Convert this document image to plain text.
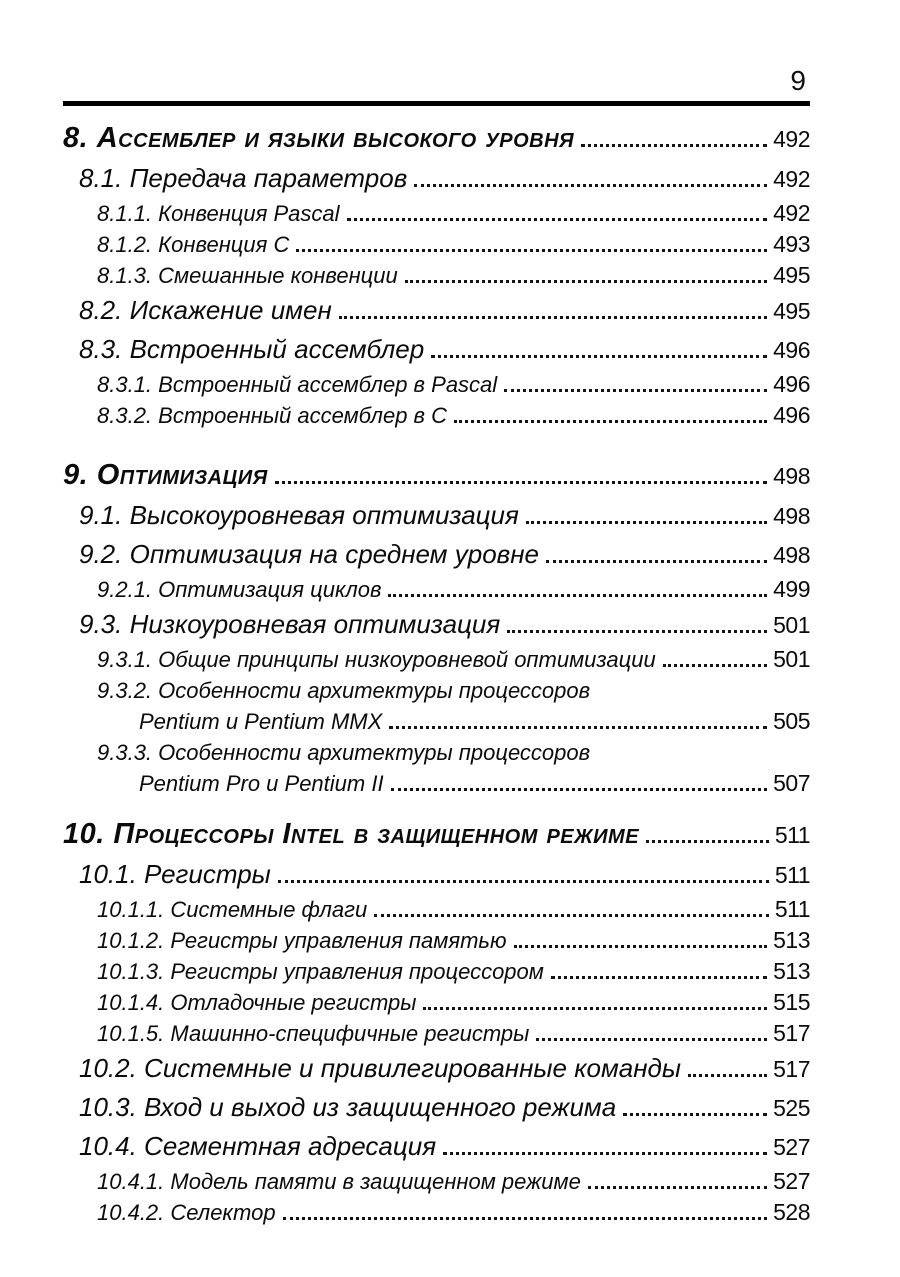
9
8. Ассемблер и языки высокого уровня	492
8.1. Передача параметров	492
8.1.1. Конвенция Pascal	492
8.1.2. Конвенция C	493
8.1.3. Смешанные конвенции	495
8.2. Искажение имен	495
8.3. Встроенный ассемблер	496
8.3.1. Встроенный ассемблер в Pascal	496
8.3.2. Встроенный ассемблер в C	496
9. Оптимизация	498
9.1. Высокоуровневая оптимизация	498
9.2. Оптимизация на среднем уровне	498
9.2.1. Оптимизация циклов	499
9.3. Низкоуровневая оптимизация	501
9.3.1. Общие принципы низкоуровневой оптимизации	501
9.3.2. Особенности архитектуры процессоров
Pentium и Pentium MMX	505
9.3.3. Особенности архитектуры процессоров
Pentium Pro и Pentium II	507
10. Процессоры Intel в защищенном режиме	511
10.1. Регистры	511
10.1.1. Системные флаги	511
10.1.2. Регистры управления памятью	513
10.1.3. Регистры управления процессором	513
10.1.4. Отладочные регистры	515
10.1.5. Машинно-специфичные регистры	517
10.2. Системные и привилегированные команды	517
10.3. Вход и выход из защищенного режима	525
10.4. Сегментная адресация	527
10.4.1. Модель памяти в защищенном режиме	527
10.4.2. Селектор	528
